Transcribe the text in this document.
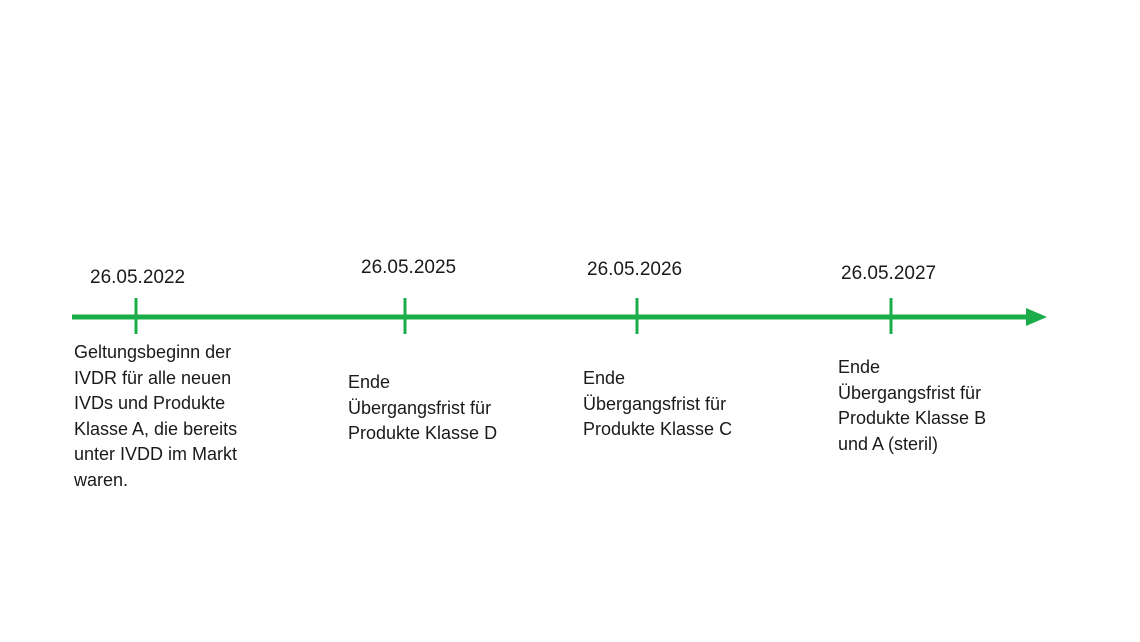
26.05.2022	26.05.2025	26.05.2026	26.05.2027
Geltungsbeginn der
IVDR für alle neuen
IVDs und Produkte
Klasse A, die bereits
unter IVDD im Markt
waren.
Ende
Übergangsfrist für
Produkte Klasse D
Ende
Übergangsfrist für
Produkte Klasse C
Ende
Übergangsfrist für
Produkte Klasse B
und A (steril)
